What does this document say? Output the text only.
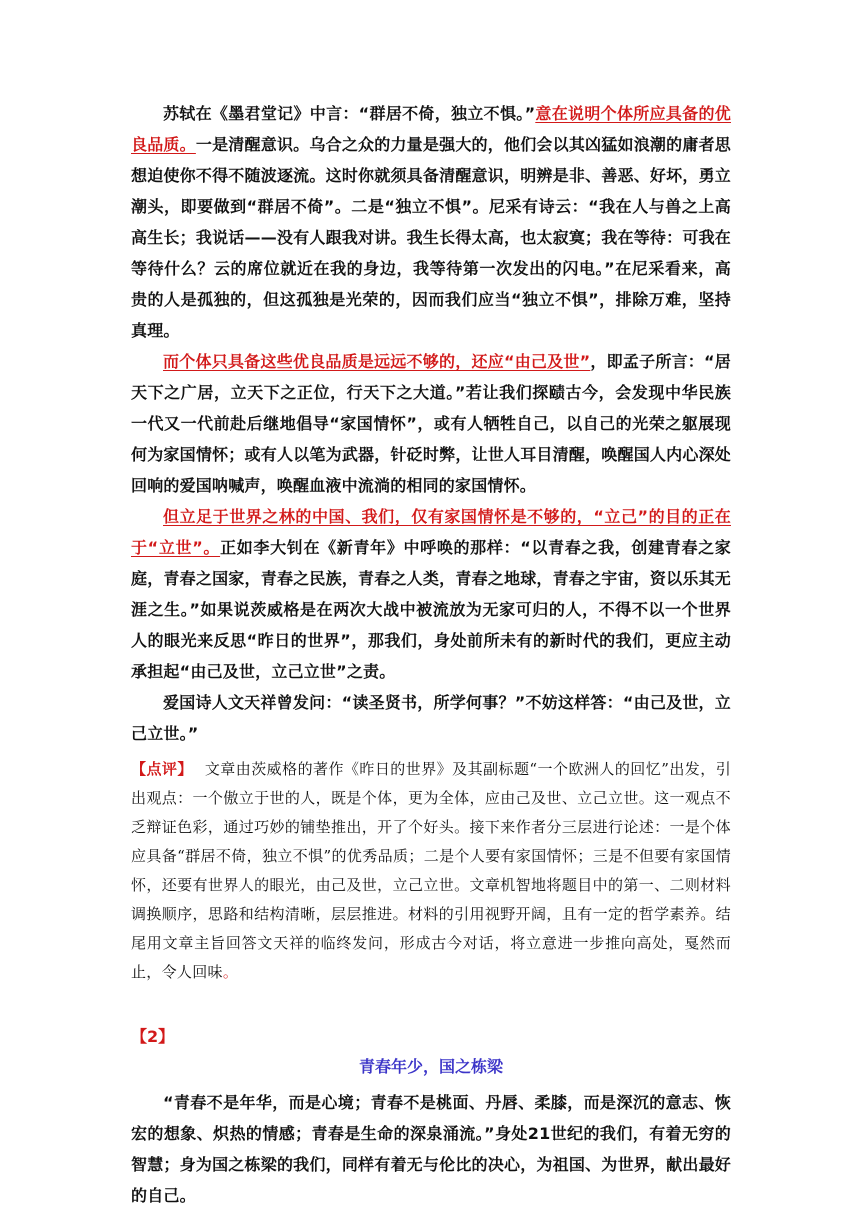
苏轼在《墨君堂记》中言：“群居不倚，独立不惧。”意在说明个体所应具备的优良品质。一是清醒意识。乌合之众的力量是强大的，他们会以其凶猛如浪潮的庸者思想迫使你不得不随波逐流。这时你就须具备清醒意识，明辨是非、善恶、好坏，勇立潮头，即要做到“群居不倚”。二是“独立不惧”。尼采有诗云：“我在人与兽之上高高生长；我说话——没有人跟我对讲。我生长得太高，也太寂寞；我在等待：可我在等待什么？云的席位就近在我的身边，我等待第一次发出的闪电。”在尼采看来，高贵的人是孤独的，但这孤独是光荣的，因而我们应当“独立不惧”，排除万难，坚持真理。

而个体只具备这些优良品质是远远不够的，还应“由己及世”，即孟子所言：“居天下之广居，立天下之正位，行天下之大道。”若让我们探赜古今，会发现中华民族一代又一代前赴后继地倡导“家国情怀”，或有人牺牲自己，以自己的光荣之躯展现何为家国情怀；或有人以笔为武器，针砭时弊，让世人耳目清醒，唤醒国人内心深处回响的爱国呐喊声，唤醒血液中流淌的相同的家国情怀。

但立足于世界之林的中国、我们，仅有家国情怀是不够的，“立己”的目的正在于“立世”。正如李大钊在《新青年》中呼唤的那样：“以青春之我，创建青春之家庭，青春之国家，青春之民族，青春之人类，青春之地球，青春之宇宙，资以乐其无涯之生。”如果说茨威格是在两次大战中被流放为无家可归的人，不得不以一个世界人的眼光来反思“昨日的世界”，那我们，身处前所未有的新时代的我们，更应主动承担起“由己及世，立己立世”之责。

爱国诗人文天祥曾发问：“读圣贤书，所学何事？”不妨这样答：“由己及世，立己立世。”

【点评】 文章由茨威格的著作《昨日的世界》及其副标题“一个欧洲人的回忆”出发，引出观点：一个傲立于世的人，既是个体，更为全体，应由己及世、立己立世。这一观点不乏辩证色彩，通过巧妙的铺垫推出，开了个好头。接下来作者分三层进行论述：一是个体应具备“群居不倚，独立不惧”的优秀品质；二是个人要有家国情怀；三是不但要有家国情怀，还要有世界人的眼光，由己及世，立己立世。文章机智地将题目中的第一、二则材料调换顺序，思路和结构清晰，层层推进。材料的引用视野开阔，且有一定的哲学素养。结尾用文章主旨回答文天祥的临终发问，形成古今对话，将立意进一步推向高处，戛然而止，令人回味。

【2】

青春年少，国之栋梁

“青春不是年华，而是心境；青春不是桃面、丹唇、柔膝，而是深沉的意志、恢宏的想象、炽热的情感；青春是生命的深泉涌流。”身处21世纪的我们，有着无穷的智慧；身为国之栋梁的我们，同样有着无与伦比的决心，为祖国、为世界，献出最好的自己。
